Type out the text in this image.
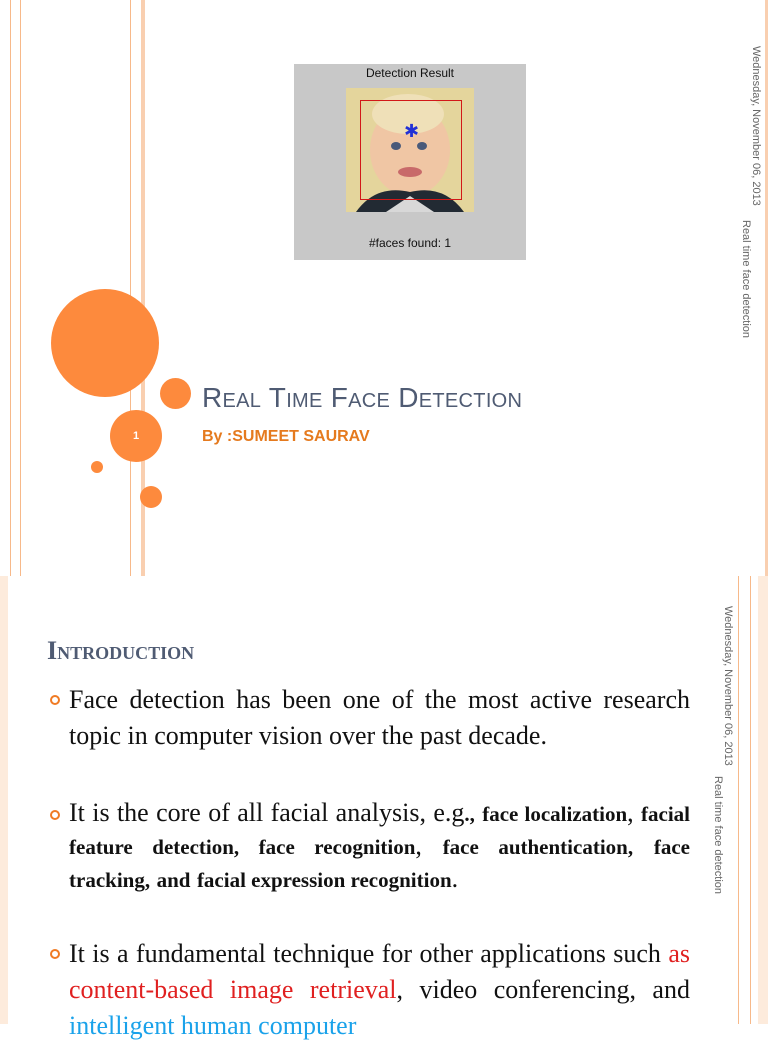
Detection Result
✱
#faces found: 1
1
Real Time Face Detection
By :SUMEET SAURAV
Wednesday, November 06, 2013
Real time face detection
Introduction
Face detection has been one of the most active research topic in computer vision over the past decade.
It is the core of all facial analysis, e.g., face localization, facial feature detection, face recognition, face authentication, face tracking, and facial expression recognition.
It is a fundamental technique for other applications such as content-based image retrieval, video conferencing, and intelligent human computer
Wednesday, November 06, 2013
Real time face detection
